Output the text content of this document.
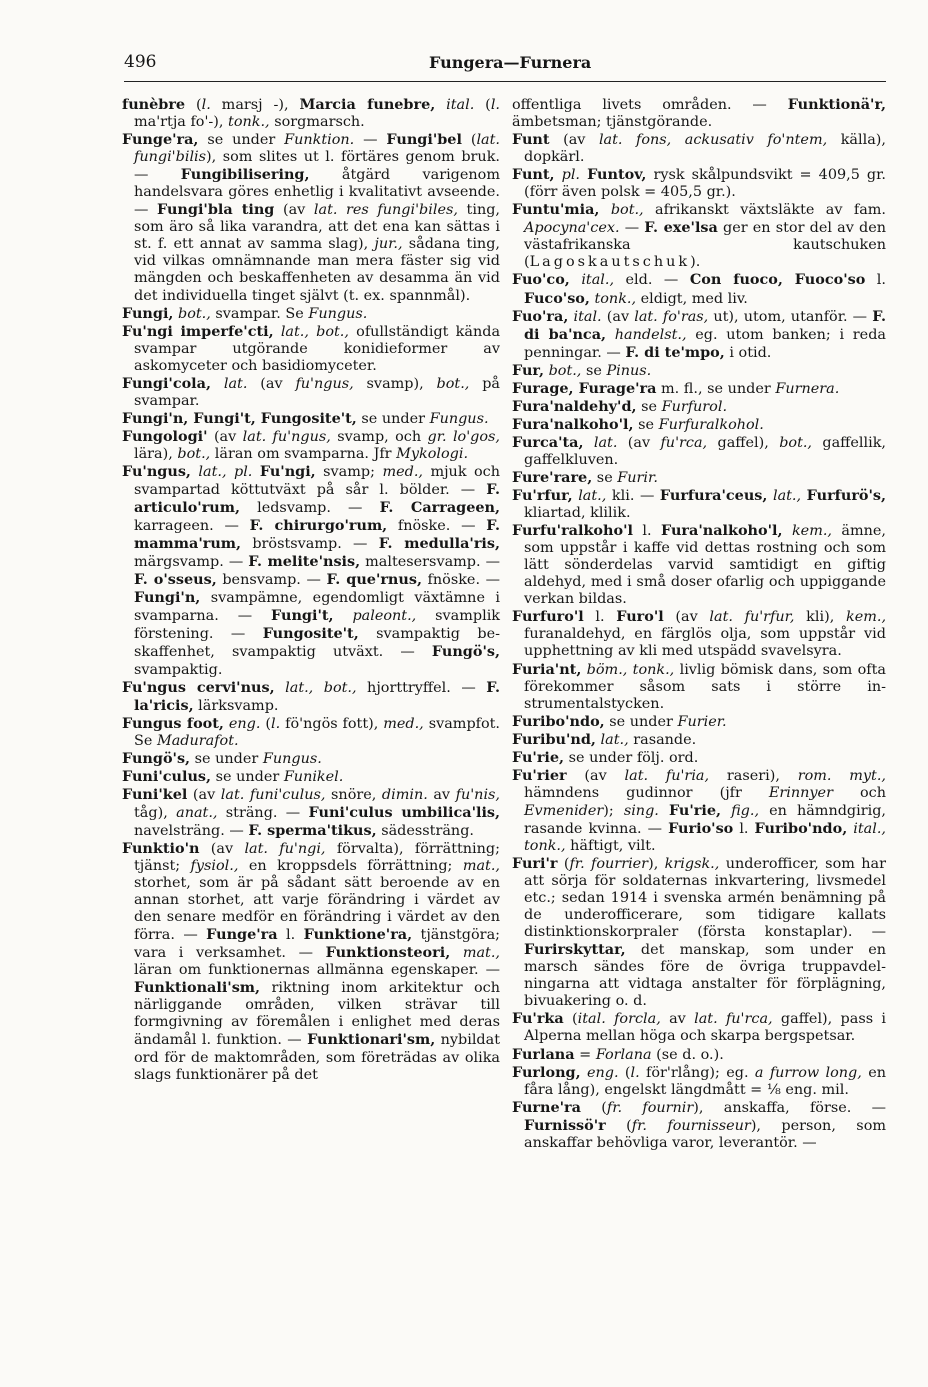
496	Fungera—Furnera

funèbre (l. marsj -), Marcia funebre, ital. (l. ma'rtja fo'-), tonk., sorgmarsch.

Funge'ra, se under Funktion. — Fungi'bel (lat. fungi'bilis), som slites ut l. förtäres genom bruk. — Fungibilisering, åtgärd varigenom handelsvara göres enhetlig i kvalitativt avseende. — Fungi'bla ting (av lat. res fungi'biles, ting, som äro så lika varandra, att det ena kan sättas i st. f. ett annat av samma slag), jur., sådana ting, vid vilkas omnämnande man mera fäster sig vid mängden och beskaffenheten av desamma än vid det individuella tinget självt (t. ex. spannmål).

Fungi, bot., svampar. Se Fungus.

Fu'ngi imperfe'cti, lat., bot., ofullständigt kända svampar utgörande konidieformer av askomyceter och basidiomyceter.

Fungi'cola, lat. (av fu'ngus, svamp), bot., på svampar.

Fungi'n, Fungi't, Fungosite't, se under Fungus.

Fungologi' (av lat. fu'ngus, svamp, och gr. lo'gos, lära), bot., läran om svamparna. Jfr Mykologi.

Fu'ngus, lat., pl. Fu'ngi, svamp; med., mjuk och svampartad köttutväxt på sår l. bölder. — F. articulo'rum, ledsvamp. — F. Carrageen, karrageen. — F. chirurgo'rum, fnöske. — F. mamma'rum, bröstsvamp. — F. medulla'ris, märgsvamp. — F. melite'nsis, maltesersvamp. — F. o'sseus, bensvamp. — F. que'rnus, fnöske. — Fungi'n, svampämne, egendomligt växtämne i svamparna. — Fungi't, paleont., svamplik förstening. — Fungosite't, svampaktig beskaffenhet, svampaktig utväxt. — Fungö's, svampaktig.

Fu'ngus cervi'nus, lat., bot., hjorttryffel. — F. la'ricis, lärksvamp.

Fungus foot, eng. (l. fö'ngös fott), med., svampfot. Se Madurafot.

Fungö's, se under Fungus.

Funi'culus, se under Funikel.

Funi'kel (av lat. funi'culus, snöre, dimin. av fu'nis, tåg), anat., sträng. — Funi'culus umbilica'lis, navelsträng. — F. sperma'tikus, sädessträng.

Funktio'n (av lat. fu'ngi, förvalta), förrättning; tjänst; fysiol., en kroppsdels förrättning; mat., storhet, som är på sådant sätt beroende av en annan storhet, att varje förändring i värdet av den senare medför en förändring i värdet av den förra. — Funge'ra l. Funktione'ra, tjänstgöra; vara i verksamhet. — Funktionsteori, mat., läran om funktionernas allmänna egenskaper. — Funktionali'sm, riktning inom arkitektur och närliggande områden, vilken strävar till formgivning av föremålen i enlighet med deras ändamål l. funktion. — Funktionari'sm, nybildat ord för de maktområden, som företrädas av olika slags funktionärer på det

offentliga livets områden. — Funktionä'r, ämbetsman; tjänstgörande.

Funt (av lat. fons, ackusativ fo'ntem, källa), dopkärl.

Funt, pl. Funtov, rysk skålpundsvikt = 409,5 gr. (förr även polsk = 405,5 gr.).

Funtu'mia, bot., afrikanskt växtsläkte av fam. Apocyna'cex. — F. exe'lsa ger en stor del av den västafrikanska kautschuken (Lagoskautschuk).

Fuo'co, ital., eld. — Con fuoco, Fuoco'so l. Fuco'so, tonk., eldigt, med liv.

Fuo'ra, ital. (av lat. fo'ras, ut), utom, utanför. — F. di ba'nca, handelst., eg. utom banken; i reda penningar. — F. di te'mpo, i otid.

Fur, bot., se Pinus.

Furage, Furage'ra m. fl., se under Furnera.

Fura'naldehy'd, se Furfurol.

Fura'nalkoho'l, se Furfuralkohol.

Furca'ta, lat. (av fu'rca, gaffel), bot., gaffellik, gaffelkluven.

Fure'rare, se Furir.

Fu'rfur, lat., kli. — Furfura'ceus, lat., Furfurö's, kliartad, klilik.

Furfu'ralkoho'l l. Fura'nalkoho'l, kem., ämne, som uppstår i kaffe vid dettas rostning och som lätt sönderdelas varvid samtidigt en giftig aldehyd, med i små doser ofarlig och uppiggande verkan bildas.

Furfuro'l l. Furo'l (av lat. fu'rfur, kli), kem., furanaldehyd, en färglös olja, som uppstår vid upphettning av kli med utspädd svavelsyra.

Furia'nt, böm., tonk., livlig bömisk dans, som ofta förekommer såsom sats i större instrumentalstycken.

Furibo'ndo, se under Furier.

Furibu'nd, lat., rasande.

Fu'rie, se under följ. ord.

Fu'rier (av lat. fu'ria, raseri), rom. myt., hämndens gudinnor (jfr Erinnyer och Evmenider); sing. Fu'rie, fig., en hämndgirig, rasande kvinna. — Furio'so l. Furibo'ndo, ital., tonk., häftigt, vilt.

Furi'r (fr. fourrier), krigsk., underofficer, som har att sörja för soldaternas inkvartering, livsmedel etc.; sedan 1914 i svenska armén benämning på de underofficerare, som tidigare kallats distinktionskorpraler (första konstaplar). — Furirskyttar, det manskap, som under en marsch sändes före de övriga truppavdelningarna att vidtaga anstalter för förplägning, bivuakering o. d.

Fu'rka (ital. forcla, av lat. fu'rca, gaffel), pass i Alperna mellan höga och skarpa bergspetsar.

Furlana = Forlana (se d. o.).

Furlong, eng. (l. för'rlång); eg. a furrow long, en fåra lång), engelskt längdmått = ⅛ eng. mil.

Furne'ra (fr. fournir), anskaffa, förse. — Furnissö'r (fr. fournisseur), person, som anskaffar behövliga varor, leverantör. —
